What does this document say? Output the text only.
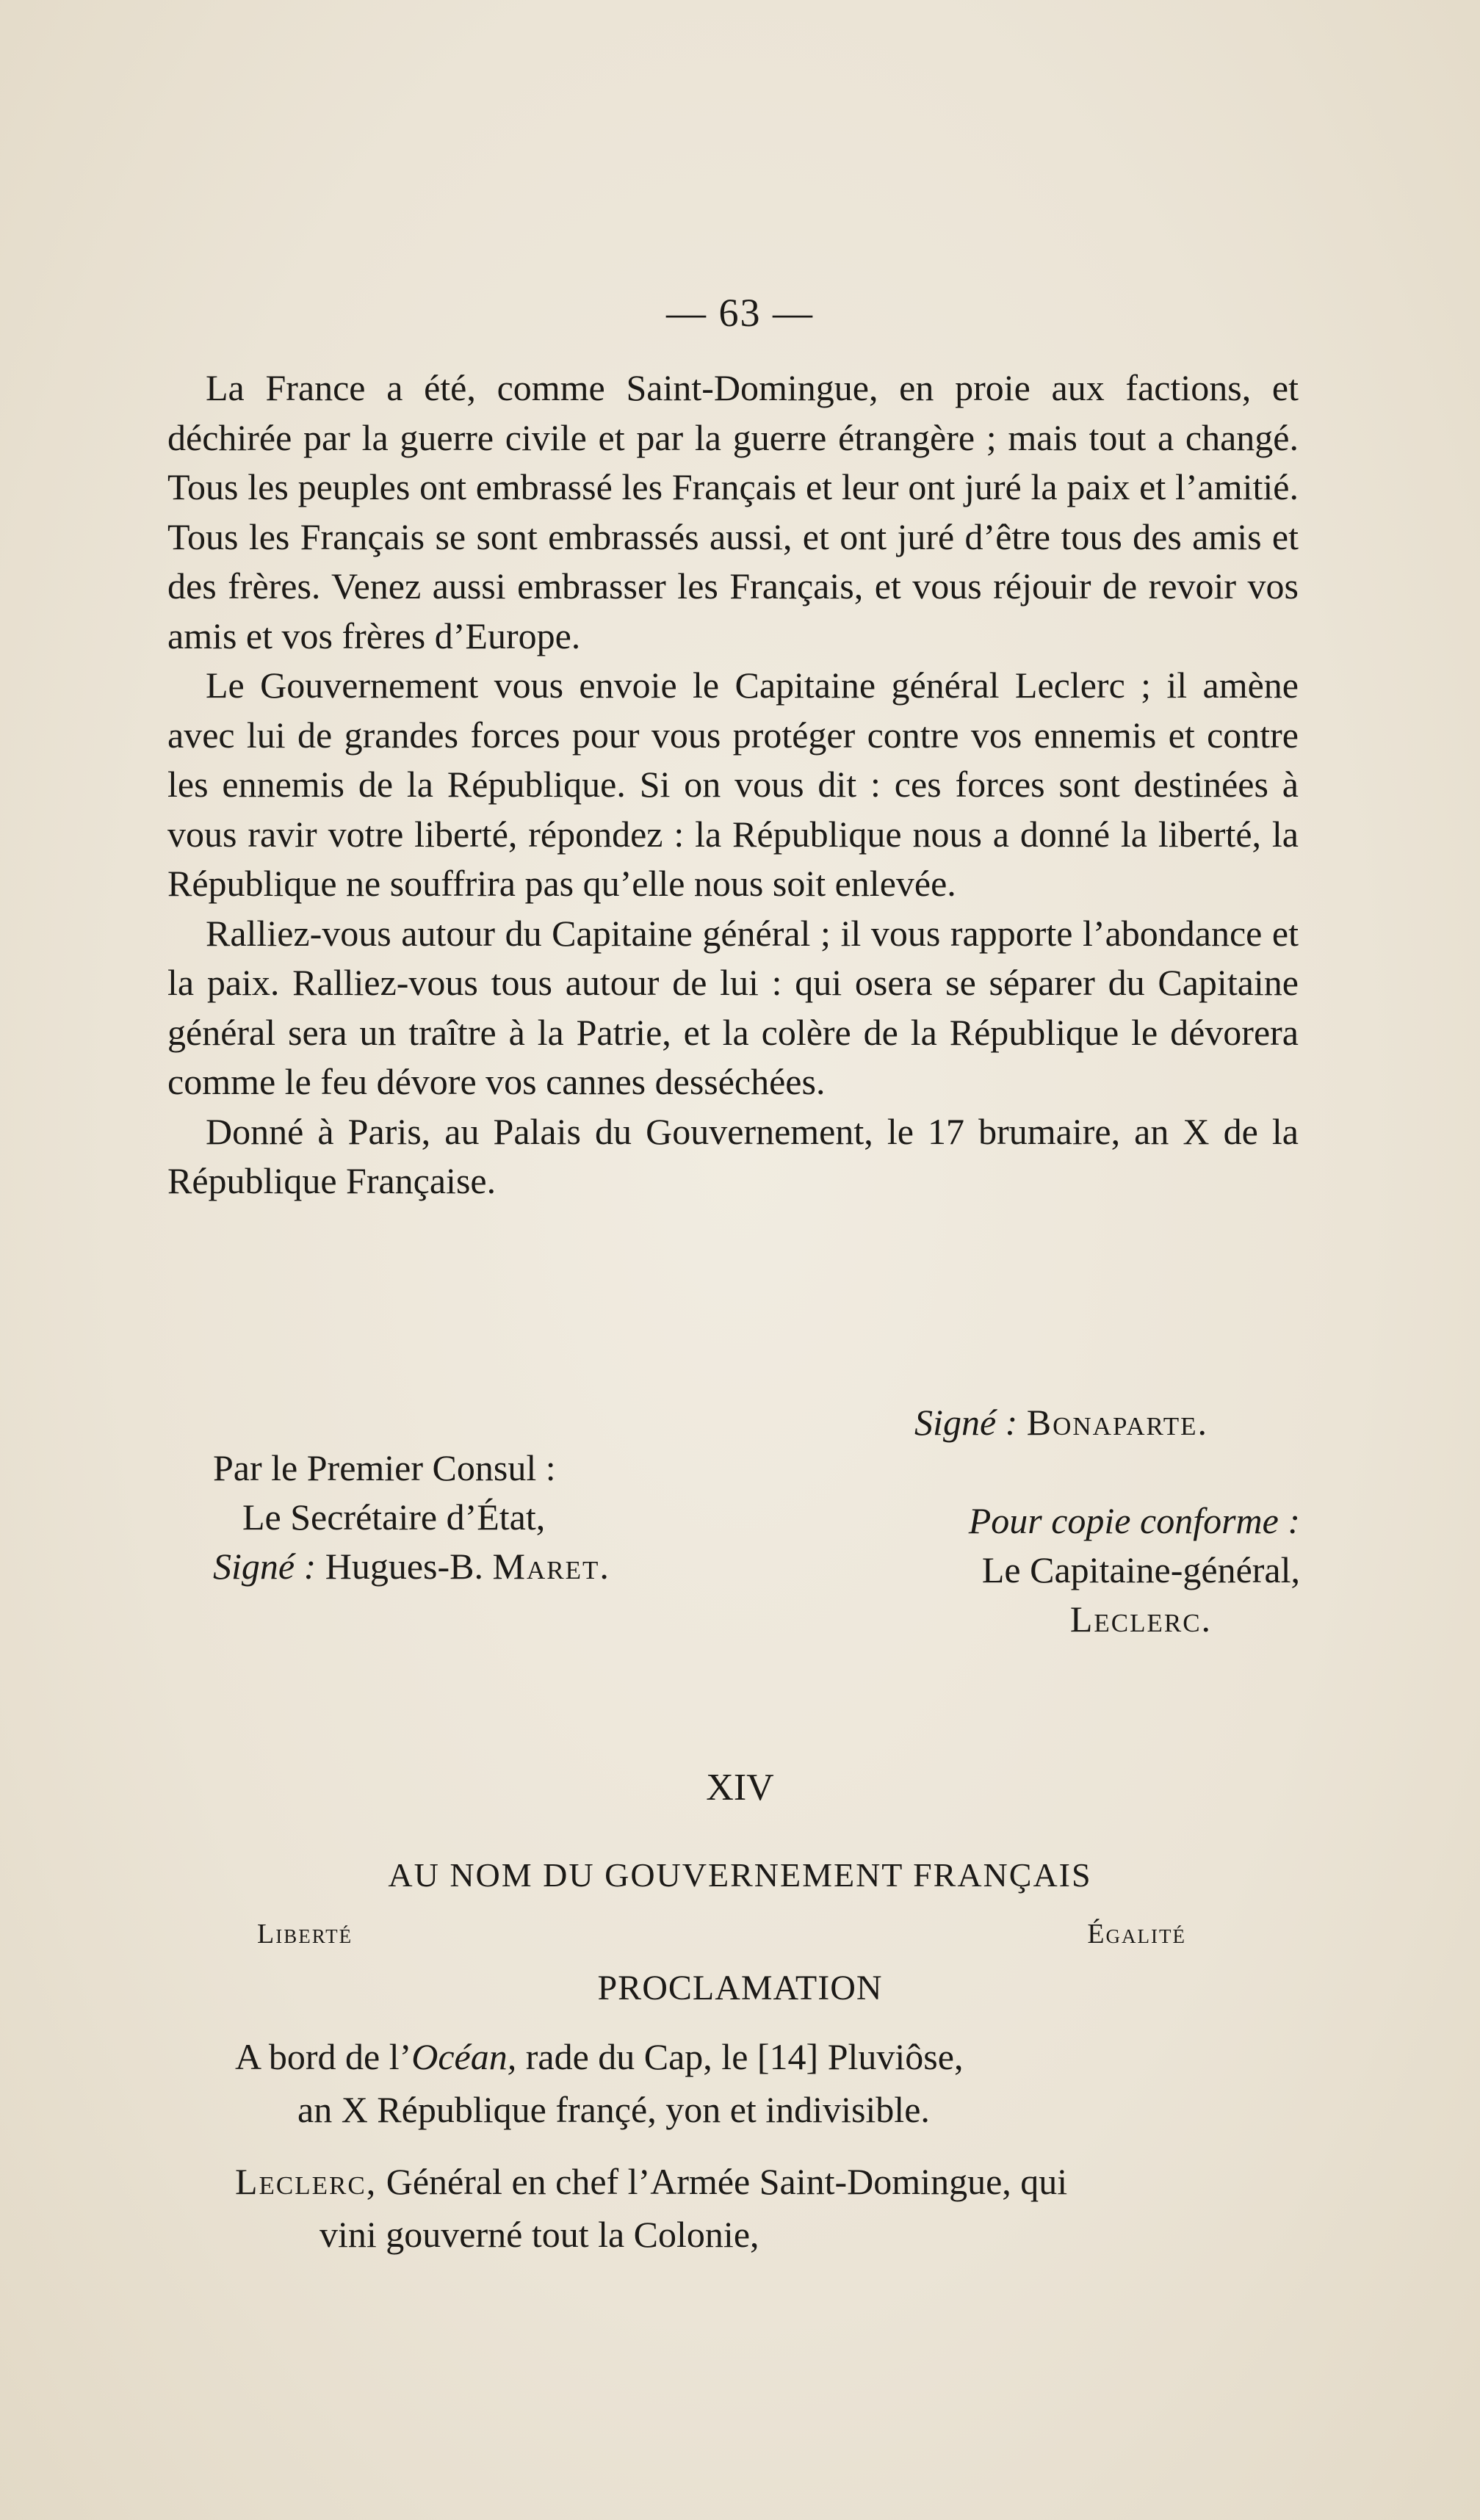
— 63 —

La France a été, comme Saint-Domingue, en proie aux factions, et déchirée par la guerre civile et par la guerre étrangère ; mais tout a changé. Tous les peuples ont embrassé les Français et leur ont juré la paix et l’amitié. Tous les Français se sont embrassés aussi, et ont juré d’être tous des amis et des frères. Venez aussi embrasser les Français, et vous réjouir de revoir vos amis et vos frères d’Europe.

Le Gouvernement vous envoie le Capitaine général Leclerc ; il amène avec lui de grandes forces pour vous protéger contre vos ennemis et contre les ennemis de la République. Si on vous dit : ces forces sont destinées à vous ravir votre liberté, répondez : la République nous a donné la liberté, la République ne souffrira pas qu’elle nous soit enlevée.

Ralliez-vous autour du Capitaine général ; il vous rapporte l’abondance et la paix. Ralliez-vous tous autour de lui : qui osera se séparer du Capitaine général sera un traître à la Patrie, et la colère de la République le dévorera comme le feu dévore vos cannes desséchées.

Donné à Paris, au Palais du Gouvernement, le 17 brumaire, an X de la République Française.

Signé : Bonaparte.
Par le Premier Consul :
Le Secrétaire d’État,
Signé : Hugues-B. Maret.
Pour copie conforme :
Le Capitaine-général,
Leclerc.
XIV
AU NOM DU GOUVERNEMENT FRANÇAIS
Liberté	Égalité
PROCLAMATION
A bord de l’Océan, rade du Cap, le [14] Pluviôse,
an X République françé, yon et indivisible.
Leclerc, Général en chef l’Armée Saint-Domingue, qui
vini gouverné tout la Colonie,
